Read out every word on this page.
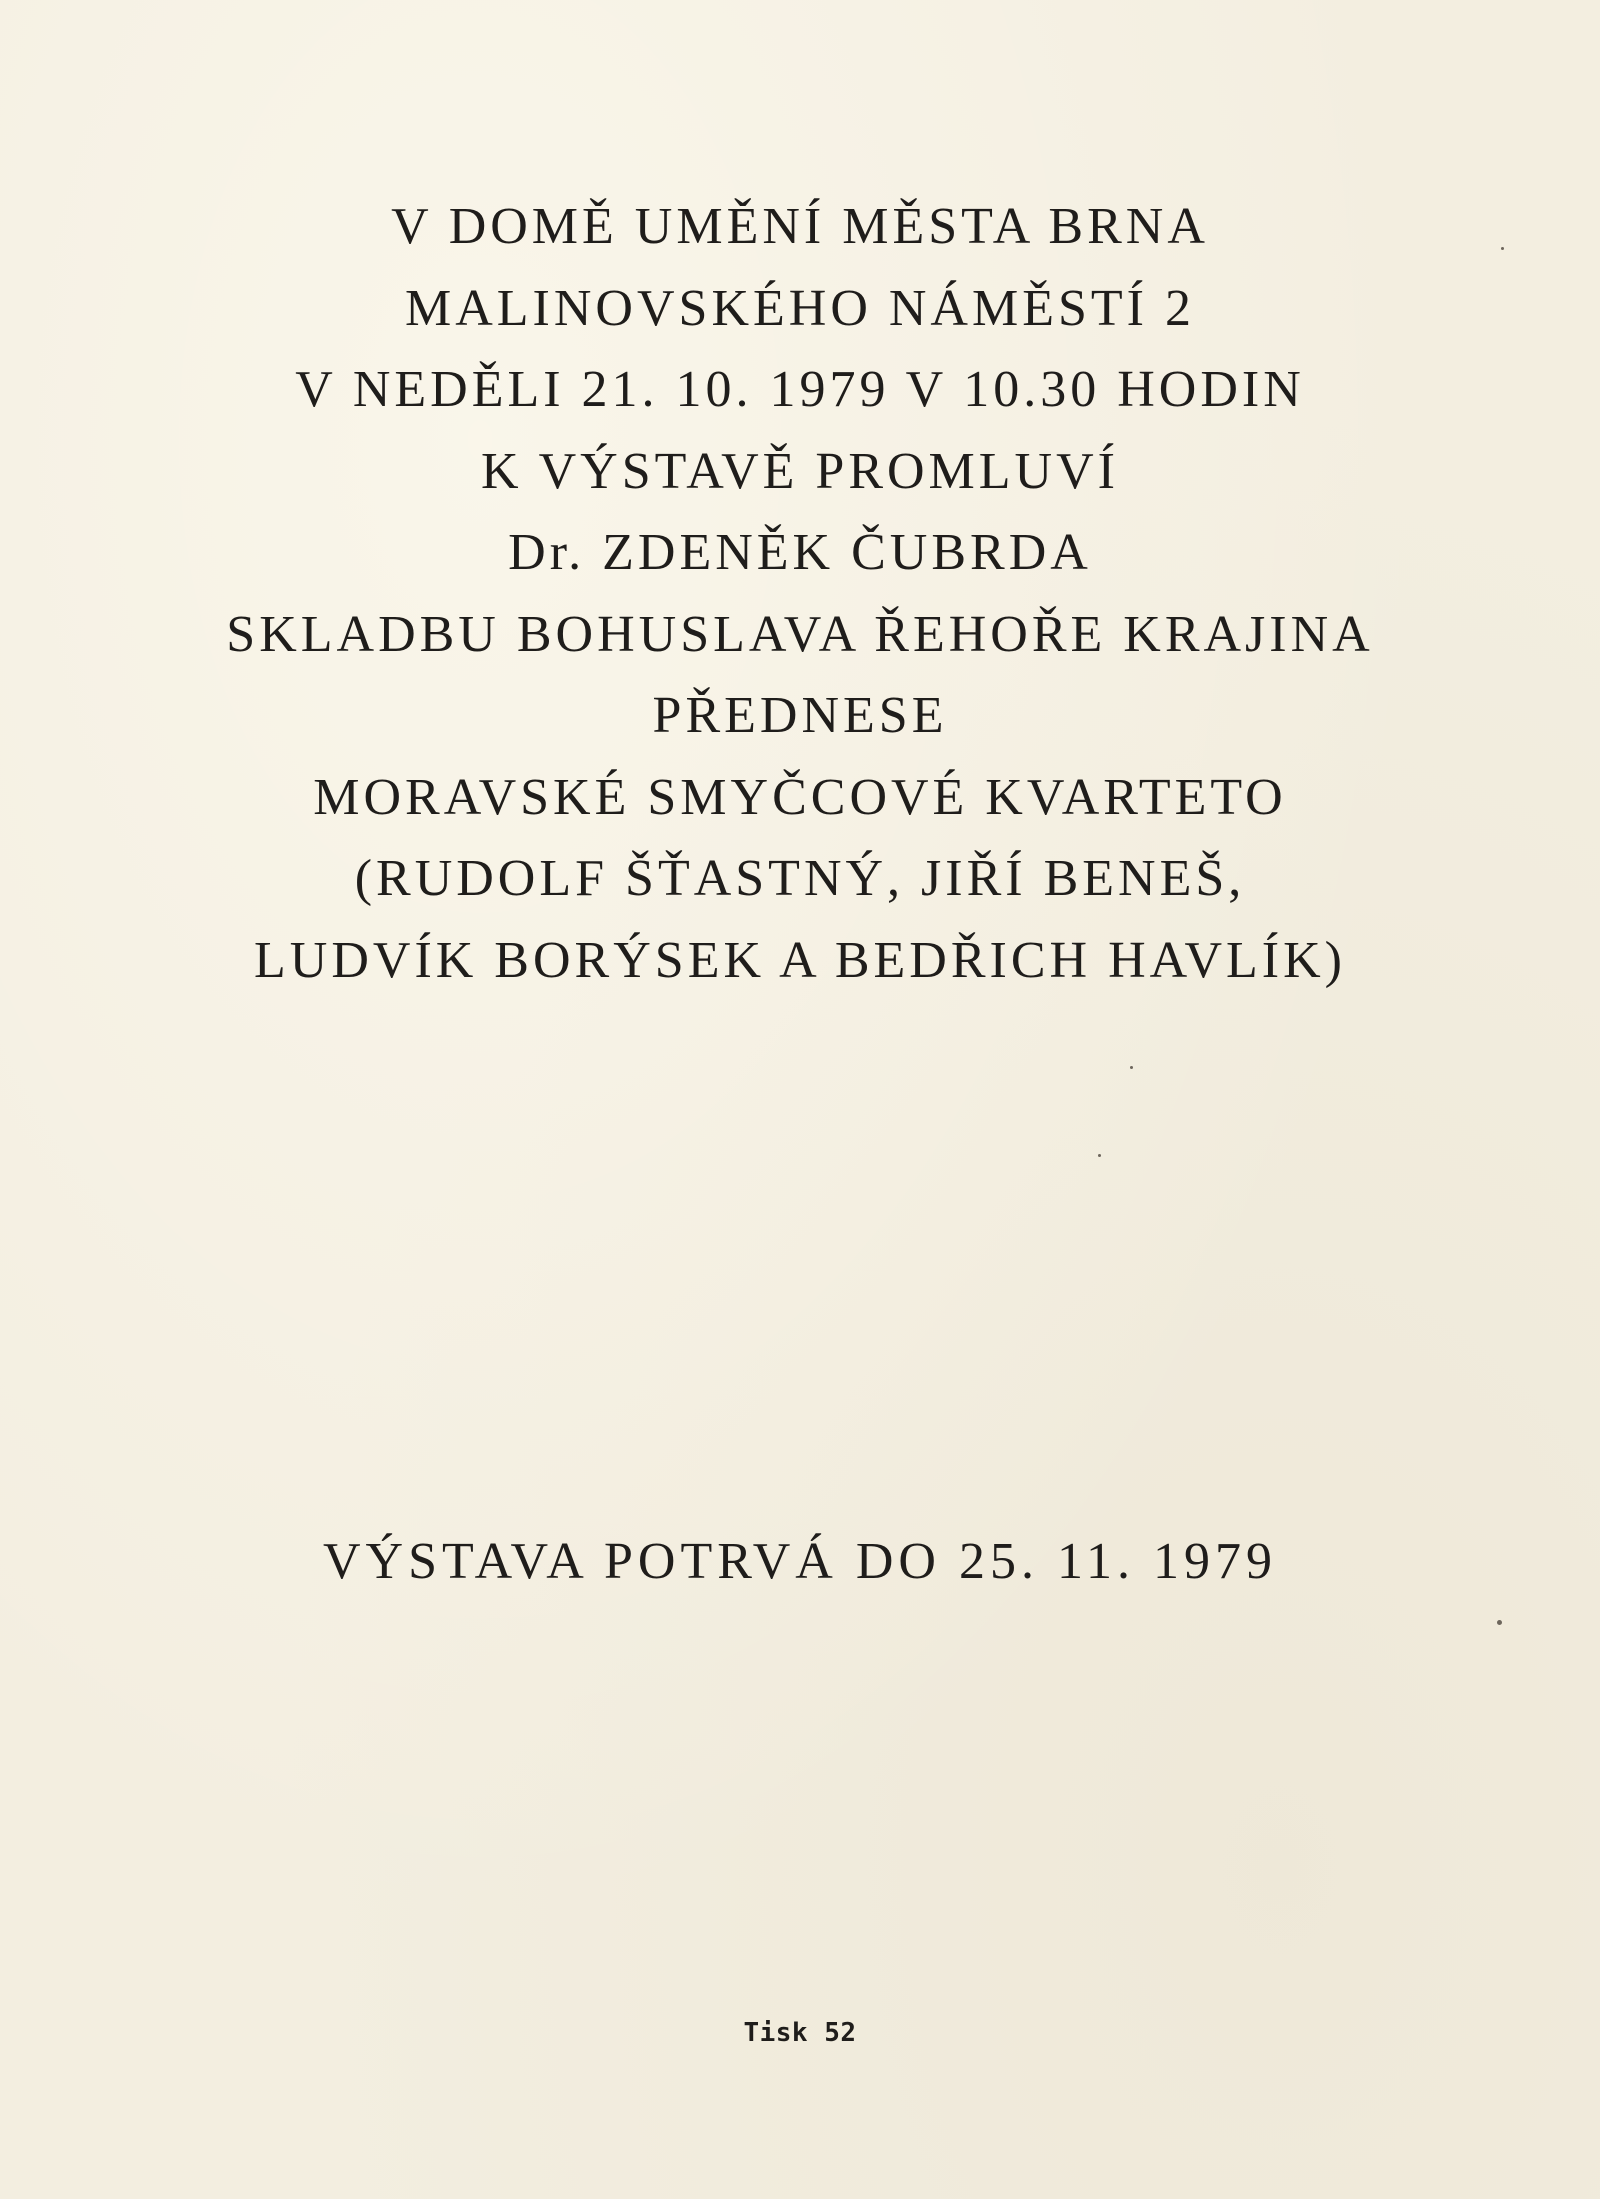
V DOMĚ UMĚNÍ MĚSTA BRNA
MALINOVSKÉHO NÁMĚSTÍ 2
V NEDĚLI 21. 10. 1979 V 10.30 HODIN
K VÝSTAVĚ PROMLUVÍ
Dr. ZDENĚK ČUBRDA
SKLADBU BOHUSLAVA ŘEHOŘE KRAJINA
PŘEDNESE
MORAVSKÉ SMYČCOVÉ KVARTETO
(RUDOLF ŠŤASTNÝ, JIŘÍ BENEŠ,
LUDVÍK BORÝSEK A BEDŘICH HAVLÍK)
VÝSTAVA POTRVÁ DO 25. 11. 1979
Tisk 52
